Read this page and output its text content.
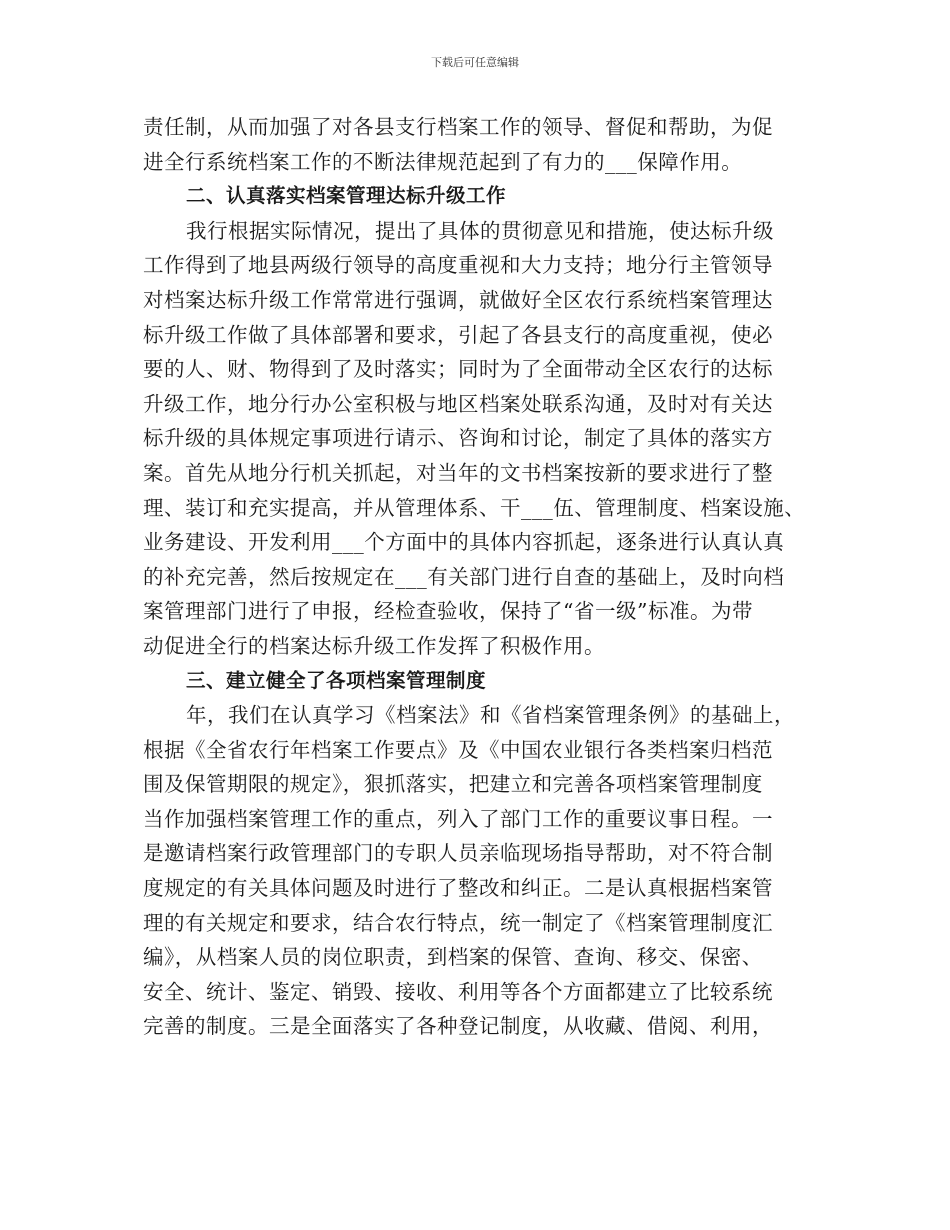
下载后可任意编辑
责任制，从而加强了对各县支行档案工作的领导、督促和帮助，为促
进全行系统档案工作的不断法律规范起到了有力的___保障作用。
二、认真落实档案管理达标升级工作
我行根据实际情况，提出了具体的贯彻意见和措施，使达标升级
工作得到了地县两级行领导的高度重视和大力支持；地分行主管领导
对档案达标升级工作常常进行强调，就做好全区农行系统档案管理达
标升级工作做了具体部署和要求，引起了各县支行的高度重视，使必
要的人、财、物得到了及时落实；同时为了全面带动全区农行的达标
升级工作，地分行办公室积极与地区档案处联系沟通，及时对有关达
标升级的具体规定事项进行请示、咨询和讨论，制定了具体的落实方
案。首先从地分行机关抓起，对当年的文书档案按新的要求进行了整
理、装订和充实提高，并从管理体系、干___伍、管理制度、档案设施、
业务建设、开发利用___个方面中的具体内容抓起，逐条进行认真认真
的补充完善，然后按规定在___有关部门进行自查的基础上，及时向档
案管理部门进行了申报，经检查验收，保持了“省一级”标准。为带
动促进全行的档案达标升级工作发挥了积极作用。
三、建立健全了各项档案管理制度
年，我们在认真学习《档案法》和《省档案管理条例》的基础上，
根据《全省农行年档案工作要点》及《中国农业银行各类档案归档范
围及保管期限的规定》，狠抓落实，把建立和完善各项档案管理制度
当作加强档案管理工作的重点，列入了部门工作的重要议事日程。一
是邀请档案行政管理部门的专职人员亲临现场指导帮助，对不符合制
度规定的有关具体问题及时进行了整改和纠正。二是认真根据档案管
理的有关规定和要求，结合农行特点，统一制定了《档案管理制度汇
编》，从档案人员的岗位职责，到档案的保管、查询、移交、保密、
安全、统计、鉴定、销毁、接收、利用等各个方面都建立了比较系统
完善的制度。三是全面落实了各种登记制度，从收藏、借阅、利用，
